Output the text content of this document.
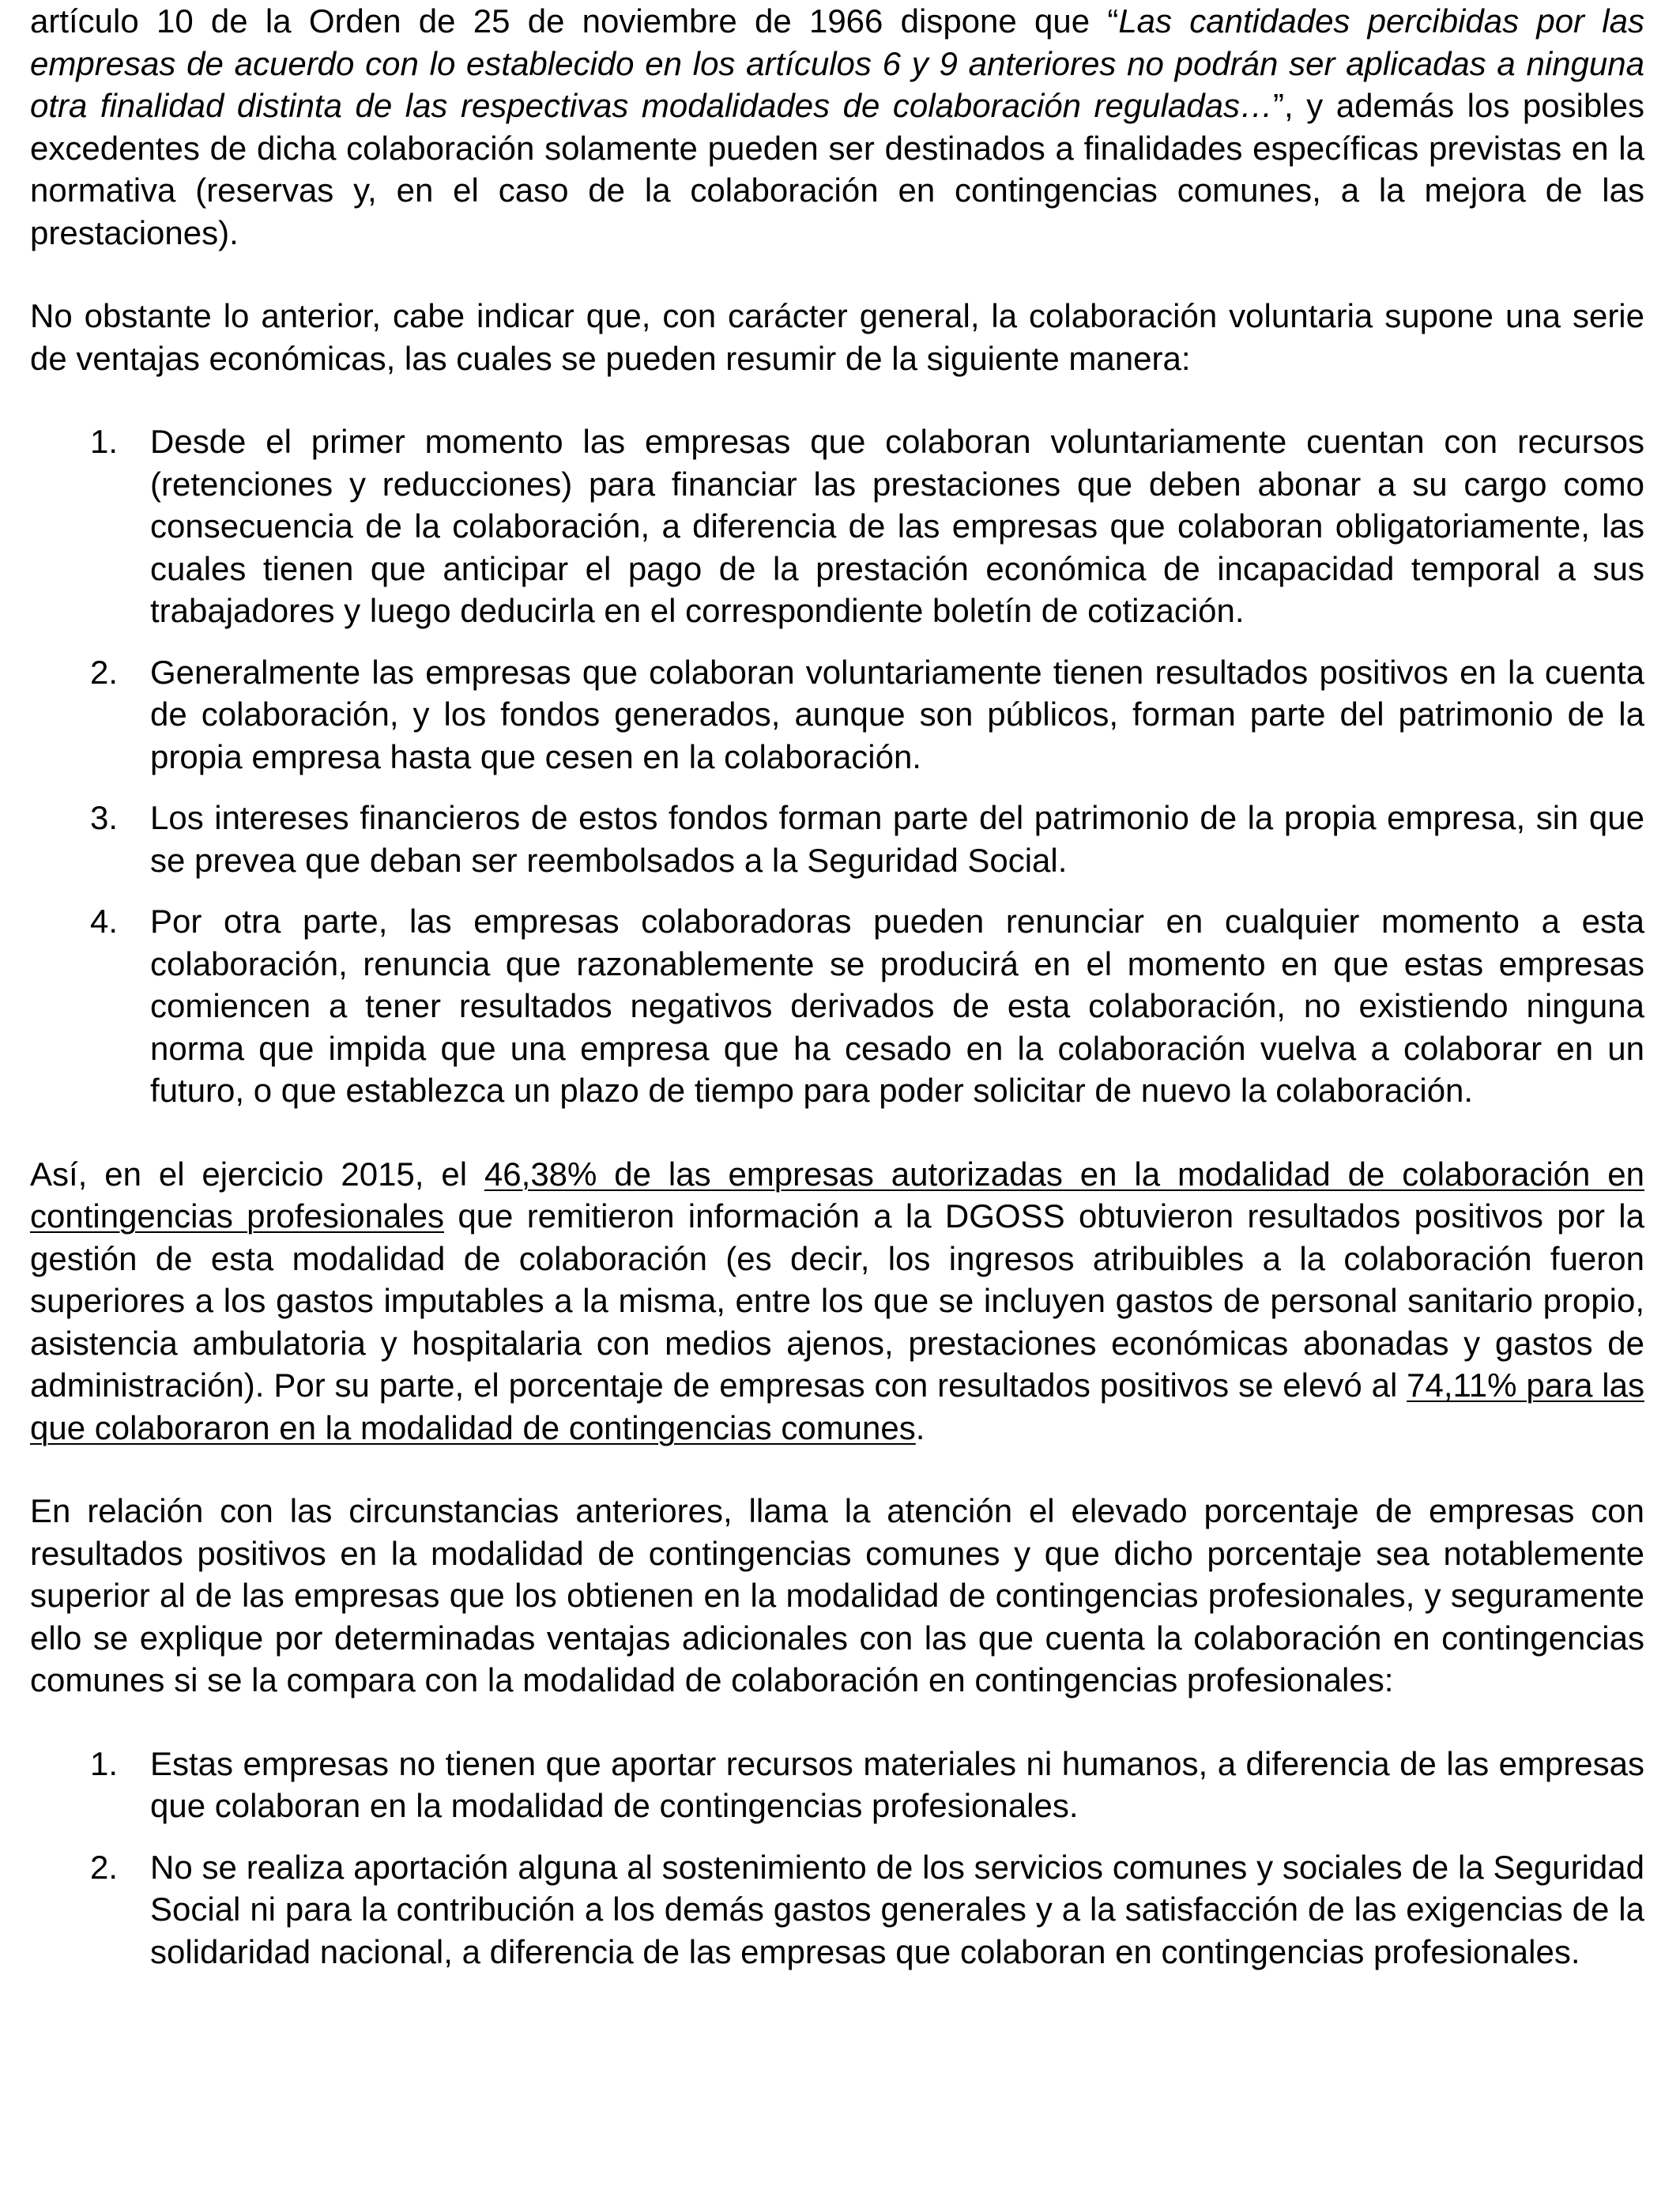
artículo 10 de la Orden de 25 de noviembre de 1966 dispone que “Las cantidades percibidas por las empresas de acuerdo con lo establecido en los artículos 6 y 9 anteriores no podrán ser aplicadas a ninguna otra finalidad distinta de las respectivas modalidades de colaboración reguladas…”, y además los posibles excedentes de dicha colaboración solamente pueden ser destinados a finalidades específicas previstas en la normativa (reservas y, en el caso de la colaboración en contingencias comunes, a la mejora de las prestaciones).

No obstante lo anterior, cabe indicar que, con carácter general, la colaboración voluntaria supone una serie de ventajas económicas, las cuales se pueden resumir de la siguiente manera:

1. Desde el primer momento las empresas que colaboran voluntariamente cuentan con recursos (retenciones y reducciones) para financiar las prestaciones que deben abonar a su cargo como consecuencia de la colaboración, a diferencia de las empresas que colaboran obligatoriamente, las cuales tienen que anticipar el pago de la prestación económica de incapacidad temporal a sus trabajadores y luego deducirla en el correspondiente boletín de cotización.
2. Generalmente las empresas que colaboran voluntariamente tienen resultados positivos en la cuenta de colaboración, y los fondos generados, aunque son públicos, forman parte del patrimonio de la propia empresa hasta que cesen en la colaboración.
3. Los intereses financieros de estos fondos forman parte del patrimonio de la propia empresa, sin que se prevea que deban ser reembolsados a la Seguridad Social.
4. Por otra parte, las empresas colaboradoras pueden renunciar en cualquier momento a esta colaboración, renuncia que razonablemente se producirá en el momento en que estas empresas comiencen a tener resultados negativos derivados de esta colaboración, no existiendo ninguna norma que impida que una empresa que ha cesado en la colaboración vuelva a colaborar en un futuro, o que establezca un plazo de tiempo para poder solicitar de nuevo la colaboración.

Así, en el ejercicio 2015, el 46,38% de las empresas autorizadas en la modalidad de colaboración en contingencias profesionales que remitieron información a la DGOSS obtuvieron resultados positivos por la gestión de esta modalidad de colaboración (es decir, los ingresos atribuibles a la colaboración fueron superiores a los gastos imputables a la misma, entre los que se incluyen gastos de personal sanitario propio, asistencia ambulatoria y hospitalaria con medios ajenos, prestaciones económicas abonadas y gastos de administración). Por su parte, el porcentaje de empresas con resultados positivos se elevó al 74,11% para las que colaboraron en la modalidad de contingencias comunes.

En relación con las circunstancias anteriores, llama la atención el elevado porcentaje de empresas con resultados positivos en la modalidad de contingencias comunes y que dicho porcentaje sea notablemente superior al de las empresas que los obtienen en la modalidad de contingencias profesionales, y seguramente ello se explique por determinadas ventajas adicionales con las que cuenta la colaboración en contingencias comunes si se la compara con la modalidad de colaboración en contingencias profesionales:

1. Estas empresas no tienen que aportar recursos materiales ni humanos, a diferencia de las empresas que colaboran en la modalidad de contingencias profesionales.
2. No se realiza aportación alguna al sostenimiento de los servicios comunes y sociales de la Seguridad Social ni para la contribución a los demás gastos generales y a la satisfacción de las exigencias de la solidaridad nacional, a diferencia de las empresas que colaboran en contingencias profesionales.
